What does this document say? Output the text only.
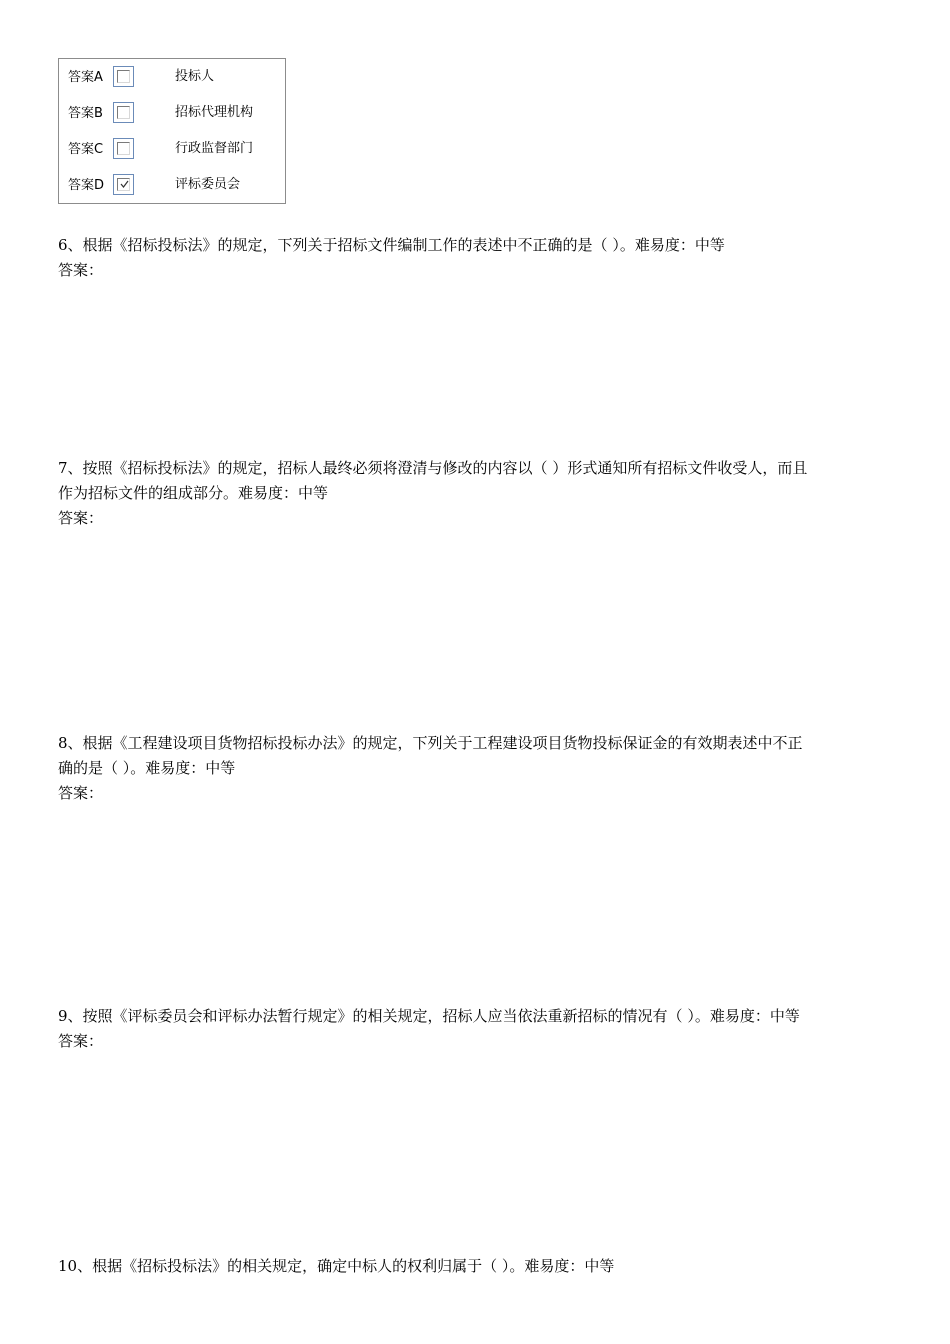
答案A	投标人
答案B	招标代理机构
答案C	行政监督部门
答案D	评标委员会

6、根据《招标投标法》的规定，下列关于招标文件编制工作的表述中不正确的是（ ）。难易度：中等

答案：

7、按照《招标投标法》的规定，招标人最终必须将澄清与修改的内容以（ ）形式通知所有招标文件收受人，而且

作为招标文件的组成部分。难易度：中等

答案：

8、根据《工程建设项目货物招标投标办法》的规定，下列关于工程建设项目货物投标保证金的有效期表述中不正

确的是（ ）。难易度：中等

答案：

9、按照《评标委员会和评标办法暂行规定》的相关规定，招标人应当依法重新招标的情况有（ ）。难易度：中等

答案：

10、根据《招标投标法》的相关规定，确定中标人的权利归属于（ ）。难易度：中等
